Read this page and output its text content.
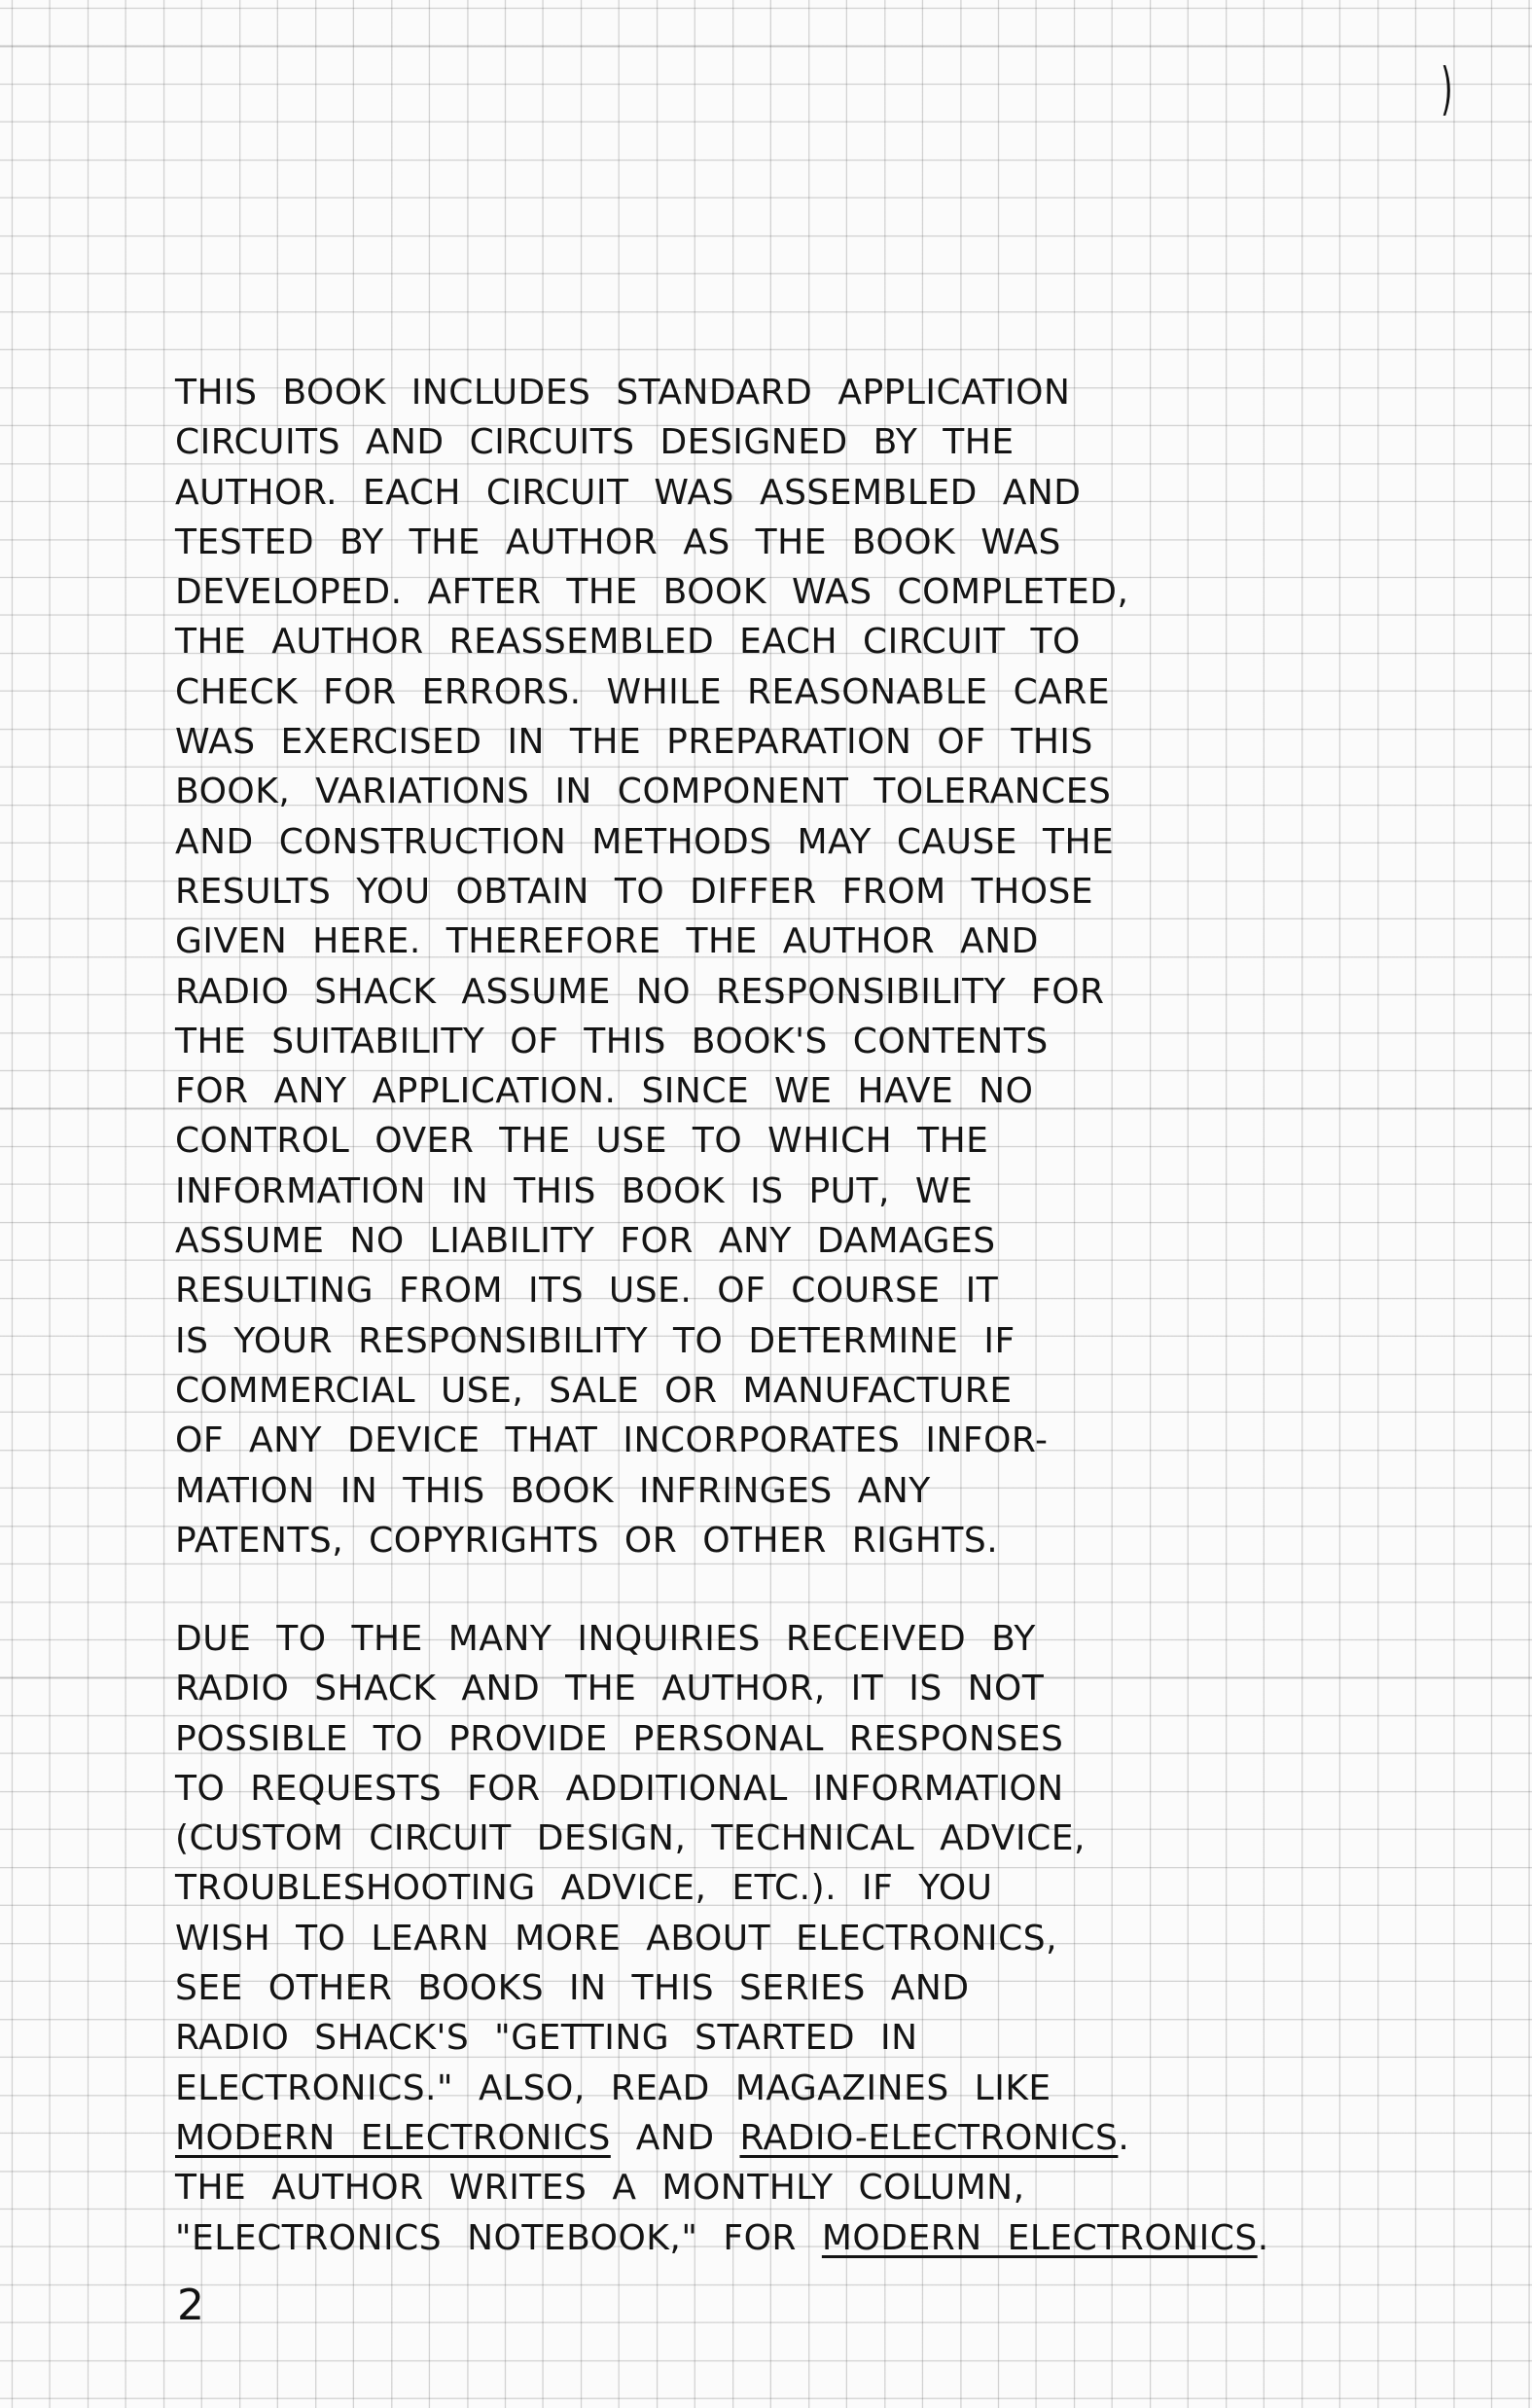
)
THIS BOOK INCLUDES STANDARD APPLICATION
CIRCUITS AND CIRCUITS DESIGNED BY THE
AUTHOR. EACH CIRCUIT WAS ASSEMBLED AND
TESTED BY THE AUTHOR AS THE BOOK WAS
DEVELOPED. AFTER THE BOOK WAS COMPLETED,
THE AUTHOR REASSEMBLED EACH CIRCUIT TO
CHECK FOR ERRORS. WHILE REASONABLE CARE
WAS EXERCISED IN THE PREPARATION OF THIS
BOOK, VARIATIONS IN COMPONENT TOLERANCES
AND CONSTRUCTION METHODS MAY CAUSE THE
RESULTS YOU OBTAIN TO DIFFER FROM THOSE
GIVEN HERE. THEREFORE THE AUTHOR AND
RADIO SHACK ASSUME NO RESPONSIBILITY FOR
THE SUITABILITY OF THIS BOOK'S CONTENTS
FOR ANY APPLICATION. SINCE WE HAVE NO
CONTROL OVER THE USE TO WHICH THE
INFORMATION IN THIS BOOK IS PUT, WE
ASSUME NO LIABILITY FOR ANY DAMAGES
RESULTING FROM ITS USE. OF COURSE IT
IS YOUR RESPONSIBILITY TO DETERMINE IF
COMMERCIAL USE, SALE OR MANUFACTURE
OF ANY DEVICE THAT INCORPORATES INFOR-
MATION IN THIS BOOK INFRINGES ANY
PATENTS, COPYRIGHTS OR OTHER RIGHTS.
DUE TO THE MANY INQUIRIES RECEIVED BY
RADIO SHACK AND THE AUTHOR, IT IS NOT
POSSIBLE TO PROVIDE PERSONAL RESPONSES
TO REQUESTS FOR ADDITIONAL INFORMATION
(CUSTOM CIRCUIT DESIGN, TECHNICAL ADVICE,
TROUBLESHOOTING ADVICE, ETC.). IF YOU
WISH TO LEARN MORE ABOUT ELECTRONICS,
SEE OTHER BOOKS IN THIS SERIES AND
RADIO SHACK'S "GETTING STARTED IN
ELECTRONICS." ALSO, READ MAGAZINES LIKE
MODERN ELECTRONICS AND RADIO-ELECTRONICS.
THE AUTHOR WRITES A MONTHLY COLUMN,
"ELECTRONICS NOTEBOOK," FOR MODERN ELECTRONICS.
2
